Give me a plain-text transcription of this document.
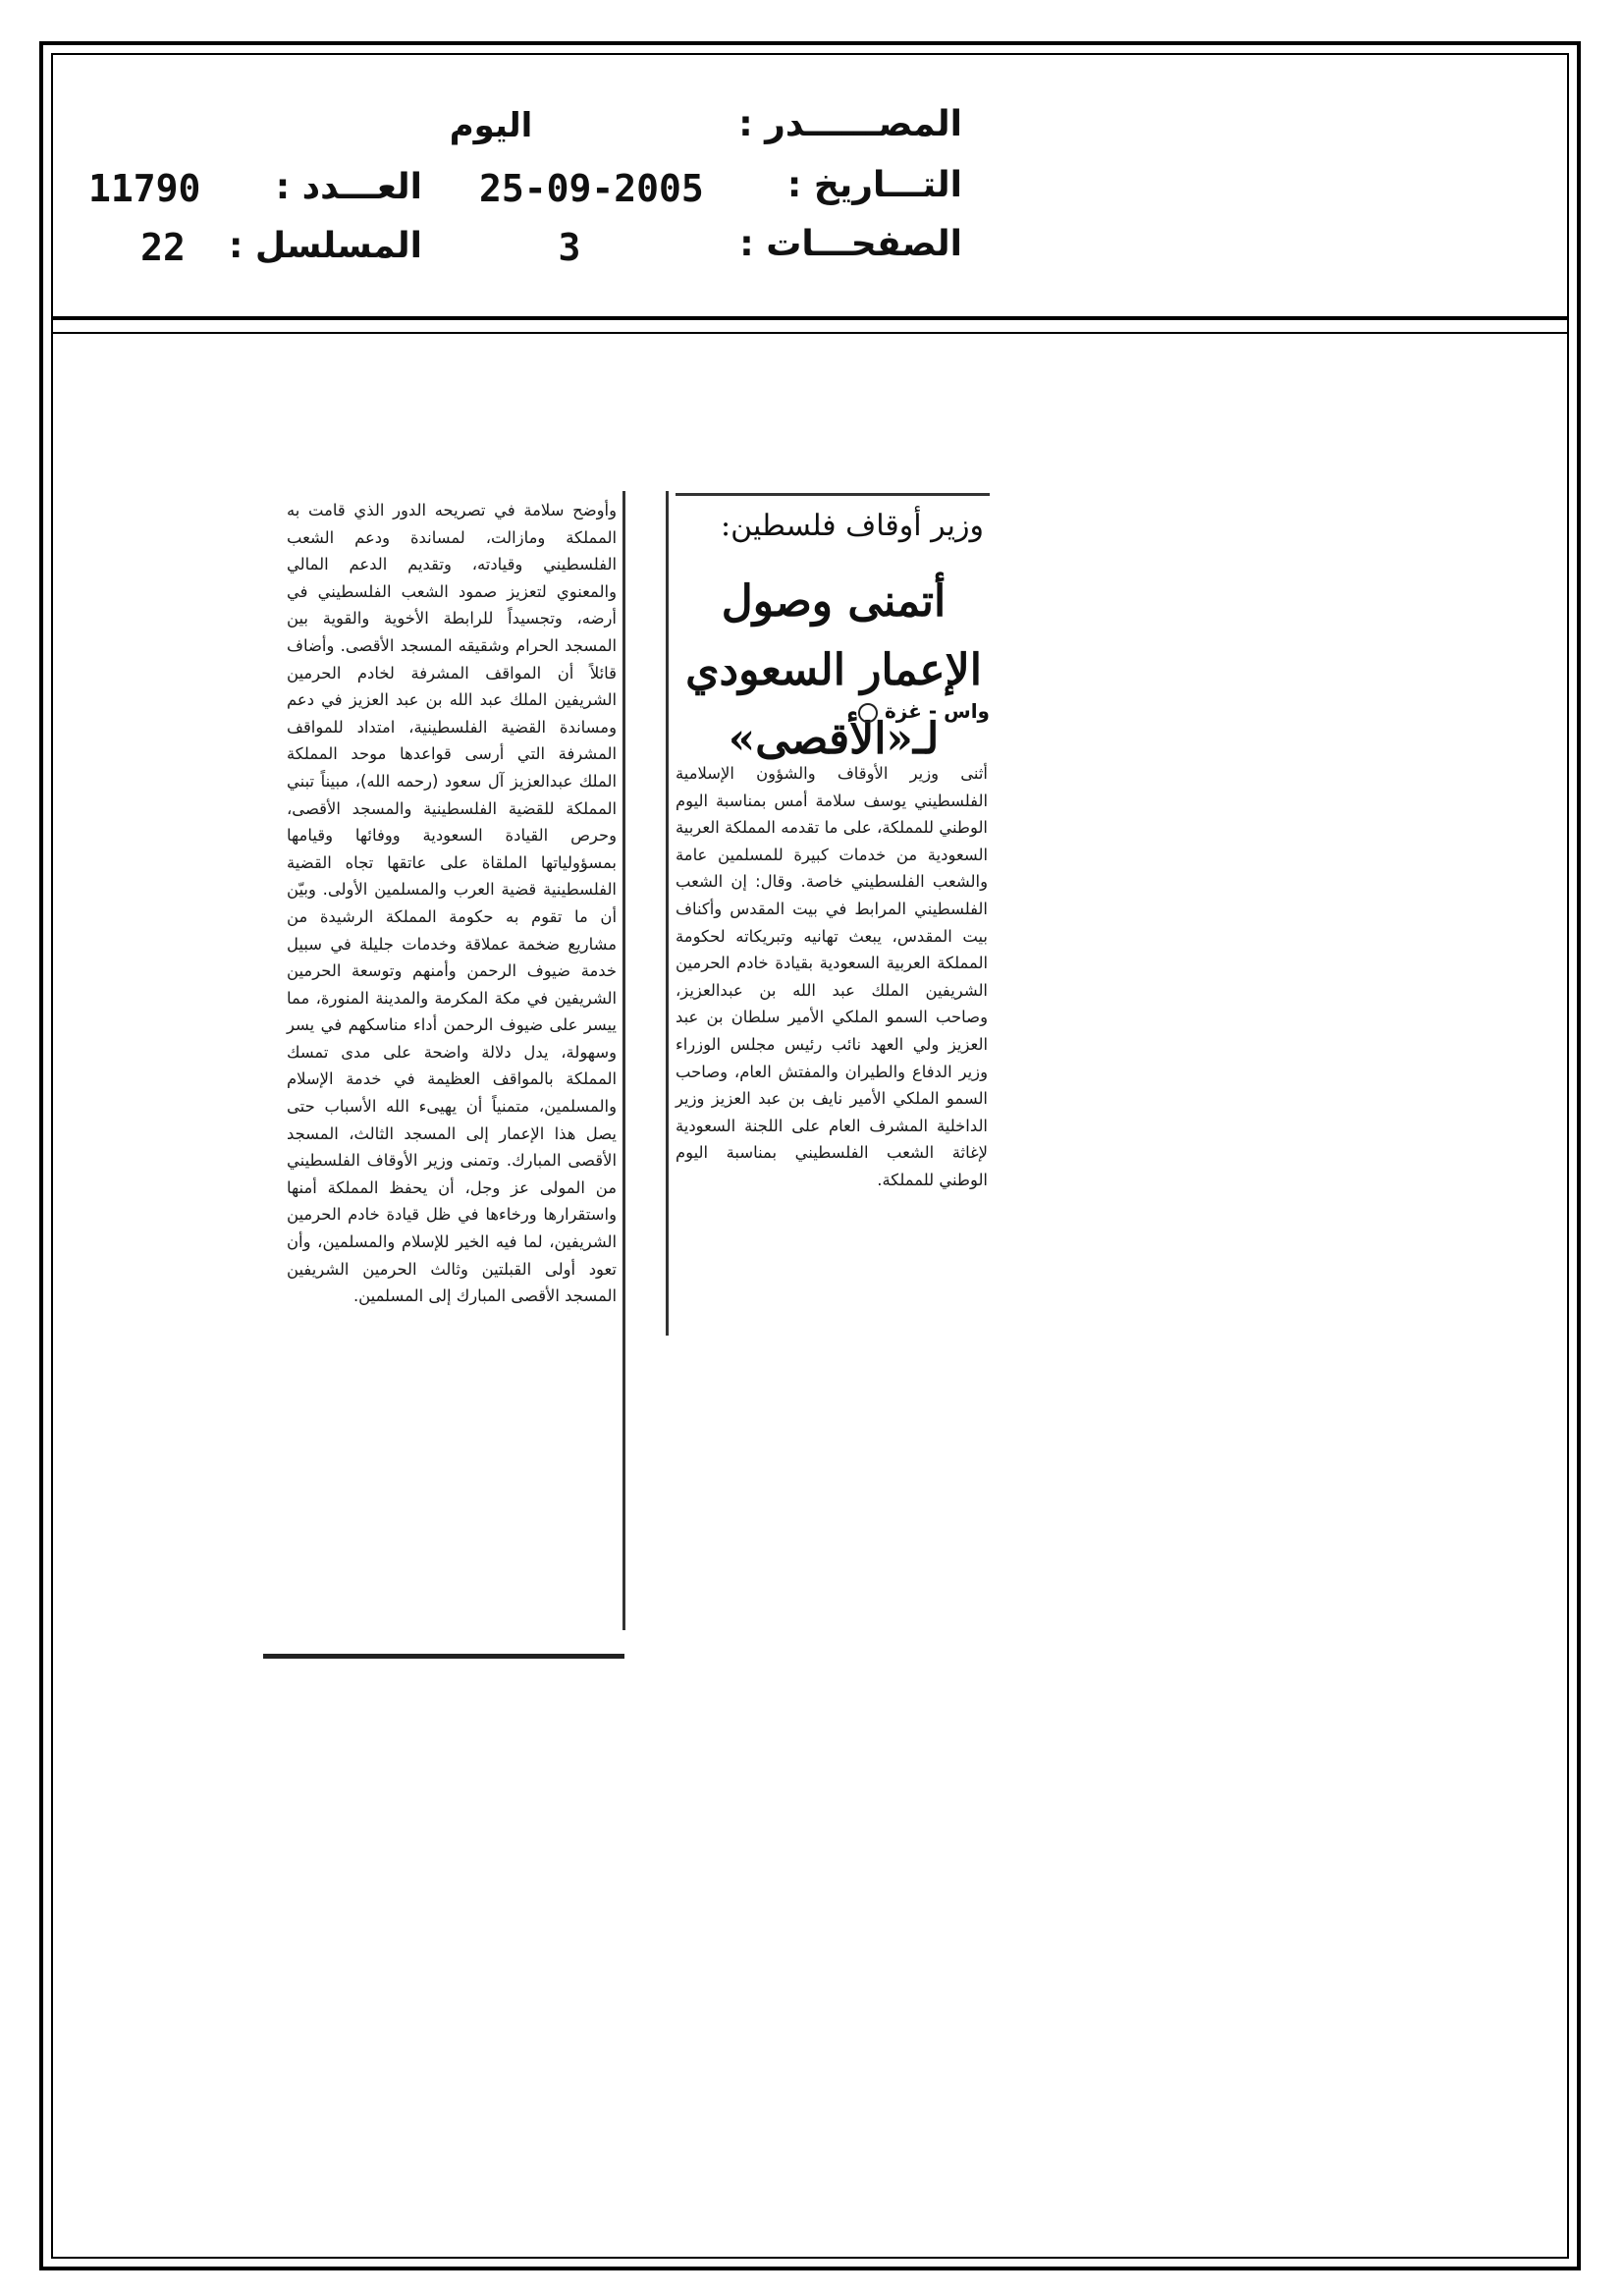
المصــــــدر :
اليوم
التـــاريخ :
25-09-2005
العـــدد :
11790
الصفحـــات :
3
المسلسل :
22
وزير أوقاف فلسطين:
أتمنى وصول الإعمار السعودي لـ«الأقصى»
واس - غزة

أثنى وزير الأوقاف والشؤون الإسلامية الفلسطيني يوسف سلامة أمس بمناسبة اليوم الوطني للمملكة، على ما تقدمه المملكة العربية السعودية من خدمات كبيرة للمسلمين عامة والشعب الفلسطيني خاصة. وقال: إن الشعب الفلسطيني المرابط في بيت المقدس وأكناف بيت المقدس، يبعث تهانيه وتبريكاته لحكومة المملكة العربية السعودية بقيادة خادم الحرمين الشريفين الملك عبد الله بن عبدالعزيز، وصاحب السمو الملكي الأمير سلطان بن عبد العزيز ولي العهد نائب رئيس مجلس الوزراء وزير الدفاع والطيران والمفتش العام، وصاحب السمو الملكي الأمير نايف بن عبد العزيز وزير الداخلية المشرف العام على اللجنة السعودية لإغاثة الشعب الفلسطيني بمناسبة اليوم الوطني للمملكة.

وأوضح سلامة في تصريحه الدور الذي قامت به المملكة ومازالت، لمساندة ودعم الشعب الفلسطيني وقيادته، وتقديم الدعم المالي والمعنوي لتعزيز صمود الشعب الفلسطيني في أرضه، وتجسيداً للرابطة الأخوية والقوية بين المسجد الحرام وشقيقه المسجد الأقصى. وأضاف قائلاً أن المواقف المشرفة لخادم الحرمين الشريفين الملك عبد الله بن عبد العزيز في دعم ومساندة القضية الفلسطينية، امتداد للمواقف المشرفة التي أرسى قواعدها موحد المملكة الملك عبدالعزيز آل سعود (رحمه الله)، مبيناً تبني المملكة للقضية الفلسطينية والمسجد الأقصى، وحرص القيادة السعودية ووفائها وقيامها بمسؤولياتها الملقاة على عاتقها تجاه القضية الفلسطينية قضية العرب والمسلمين الأولى. وبيّن أن ما تقوم به حكومة المملكة الرشيدة من مشاريع ضخمة عملاقة وخدمات جليلة في سبيل خدمة ضيوف الرحمن وأمنهم وتوسعة الحرمين الشريفين في مكة المكرمة والمدينة المنورة، مما ييسر على ضيوف الرحمن أداء مناسكهم في يسر وسهولة، يدل دلالة واضحة على مدى تمسك المملكة بالمواقف العظيمة في خدمة الإسلام والمسلمين، متمنياً أن يهيىء الله الأسباب حتى يصل هذا الإعمار إلى المسجد الثالث، المسجد الأقصى المبارك. وتمنى وزير الأوقاف الفلسطيني من المولى عز وجل، أن يحفظ المملكة أمنها واستقرارها ورخاءها في ظل قيادة خادم الحرمين الشريفين، لما فيه الخير للإسلام والمسلمين، وأن تعود أولى القبلتين وثالث الحرمين الشريفين المسجد الأقصى المبارك إلى المسلمين.
